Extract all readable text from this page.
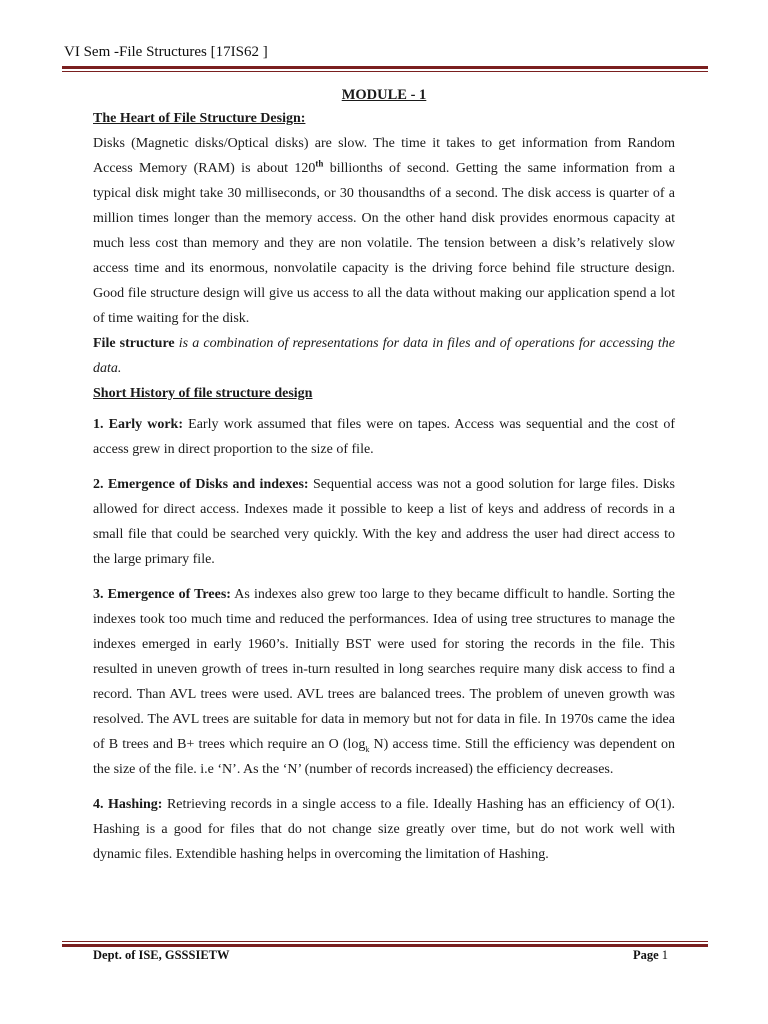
VI Sem -File Structures [17IS62 ]

MODULE - 1

The Heart of File Structure Design:

Disks (Magnetic disks/Optical disks) are slow. The time it takes to get information from Random Access Memory (RAM) is about 120th billionths of second. Getting the same information from a typical disk might take 30 milliseconds, or 30 thousandths of a second. The disk access is quarter of a million times longer than the memory access. On the other hand disk provides enormous capacity at much less cost than memory and they are non volatile. The tension between a disk’s relatively slow access time and its enormous, nonvolatile capacity is the driving force behind file structure design. Good file structure design will give us access to all the data without making our application spend a lot of time waiting for the disk.

File structure is a combination of representations for data in files and of operations for accessing the data.

Short History of file structure design

1. Early work: Early work assumed that files were on tapes. Access was sequential and the cost of access grew in direct proportion to the size of file.

2. Emergence of Disks and indexes: Sequential access was not a good solution for large files. Disks allowed for direct access. Indexes made it possible to keep a list of keys and address of records in a small file that could be searched very quickly. With the key and address the user had direct access to the large primary file.

3. Emergence of Trees: As indexes also grew too large to they became difficult to handle. Sorting the indexes took too much time and reduced the performances. Idea of using tree structures to manage the indexes emerged in early 1960’s. Initially BST were used for storing the records in the file. This resulted in uneven growth of trees in-turn resulted in long searches require many disk access to find a record. Than AVL trees were used. AVL trees are balanced trees. The problem of uneven growth was resolved. The AVL trees are suitable for data in memory but not for data in file. In 1970s came the idea of B trees and B+ trees which require an O ($\log_k$ N) access time. Still the efficiency was dependent on the size of the file. i.e ‘N’. As the ‘N’ (number of records increased) the efficiency decreases.

4. Hashing: Retrieving records in a single access to a file. Ideally Hashing has an efficiency of O(1). Hashing is a good for files that do not change size greatly over time, but do not work well with dynamic files. Extendible hashing helps in overcoming the limitation of Hashing.

Dept. of ISE, GSSSIETW	Page 1
